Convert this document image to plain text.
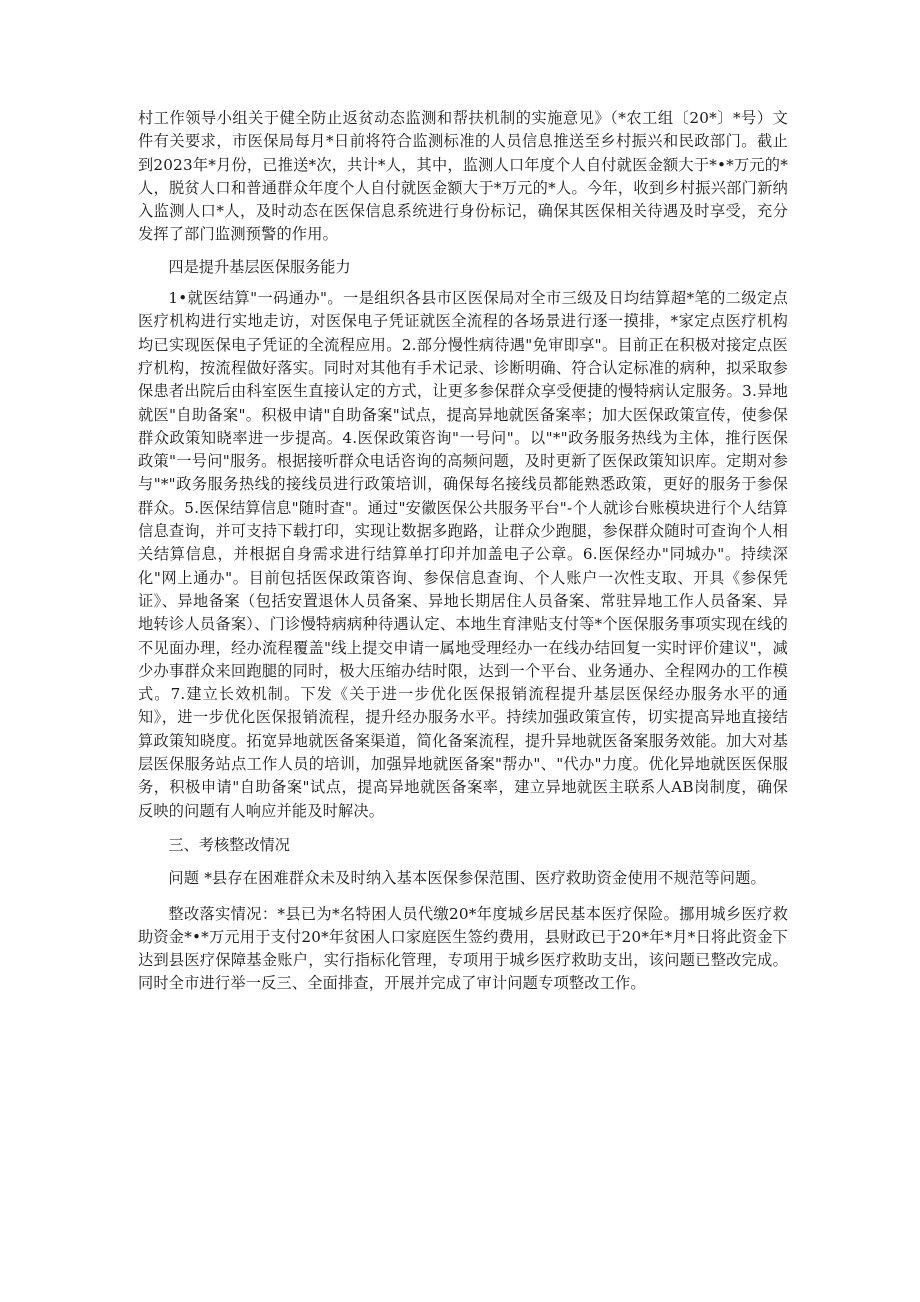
村工作领导小组关于健全防止返贫动态监测和帮扶机制的实施意见》（*农工组〔20*〕*号）文件有关要求，市医保局每月*日前将符合监测标准的人员信息推送至乡村振兴和民政部门。截止到2023年*月份，已推送*次，共计*人，其中，监测人口年度个人自付就医金额大于*•*万元的*人，脱贫人口和普通群众年度个人自付就医金额大于*万元的*人。今年，收到乡村振兴部门新纳入监测人口*人，及时动态在医保信息系统进行身份标记，确保其医保相关待遇及时享受，充分发挥了部门监测预警的作用。

四是提升基层医保服务能力

1•就医结算"一码通办"。一是组织各县市区医保局对全市三级及日均结算超*笔的二级定点医疗机构进行实地走访，对医保电子凭证就医全流程的各场景进行逐一摸排，*家定点医疗机构均已实现医保电子凭证的全流程应用。2.部分慢性病待遇"免审即享"。目前正在积极对接定点医疗机构，按流程做好落实。同时对其他有手术记录、诊断明确、符合认定标准的病种，拟采取参保患者出院后由科室医生直接认定的方式，让更多参保群众享受便捷的慢特病认定服务。3.异地就医"自助备案"。积极申请"自助备案"试点，提高异地就医备案率；加大医保政策宣传，使参保群众政策知晓率进一步提高。4.医保政策咨询"一号问"。以"*"政务服务热线为主体，推行医保政策"一号问"服务。根据接听群众电话咨询的高频问题，及时更新了医保政策知识库。定期对参与"*"政务服务热线的接线员进行政策培训，确保每名接线员都能熟悉政策，更好的服务于参保群众。5.医保结算信息"随时查"。通过"安徽医保公共服务平台"-个人就诊台账模块进行个人结算信息查询，并可支持下载打印，实现让数据多跑路，让群众少跑腿，参保群众随时可查询个人相关结算信息，并根据自身需求进行结算单打印并加盖电子公章。6.医保经办"同城办"。持续深化"网上通办"。目前包括医保政策咨询、参保信息查询、个人账户一次性支取、开具《参保凭证》、异地备案（包括安置退休人员备案、异地长期居住人员备案、常驻异地工作人员备案、异地转诊人员备案）、门诊慢特病病种待遇认定、本地生育津贴支付等*个医保服务事项实现在线的不见面办理，经办流程覆盖"线上提交申请一属地受理经办一在线办结回复一实时评价建议"，减少办事群众来回跑腿的同时，极大压缩办结时限，达到一个平台、业务通办、全程网办的工作模式。7.建立长效机制。下发《关于进一步优化医保报销流程提升基层医保经办服务水平的通知》，进一步优化医保报销流程，提升经办服务水平。持续加强政策宣传，切实提高异地直接结算政策知晓度。拓宽异地就医备案渠道，简化备案流程，提升异地就医备案服务效能。加大对基层医保服务站点工作人员的培训，加强异地就医备案"帮办"、"代办"力度。优化异地就医医保服务，积极申请"自助备案"试点，提高异地就医备案率，建立异地就医主联系人AB岗制度，确保反映的问题有人响应并能及时解决。

三、考核整改情况

问题 *县存在困难群众未及时纳入基本医保参保范围、医疗救助资金使用不规范等问题。

整改落实情况：*县已为*名特困人员代缴20*年度城乡居民基本医疗保险。挪用城乡医疗救助资金*•*万元用于支付20*年贫困人口家庭医生签约费用，县财政已于20*年*月*日将此资金下达到县医疗保障基金账户，实行指标化管理，专项用于城乡医疗救助支出，该问题已整改完成。同时全市进行举一反三、全面排查，开展并完成了审计问题专项整改工作。
